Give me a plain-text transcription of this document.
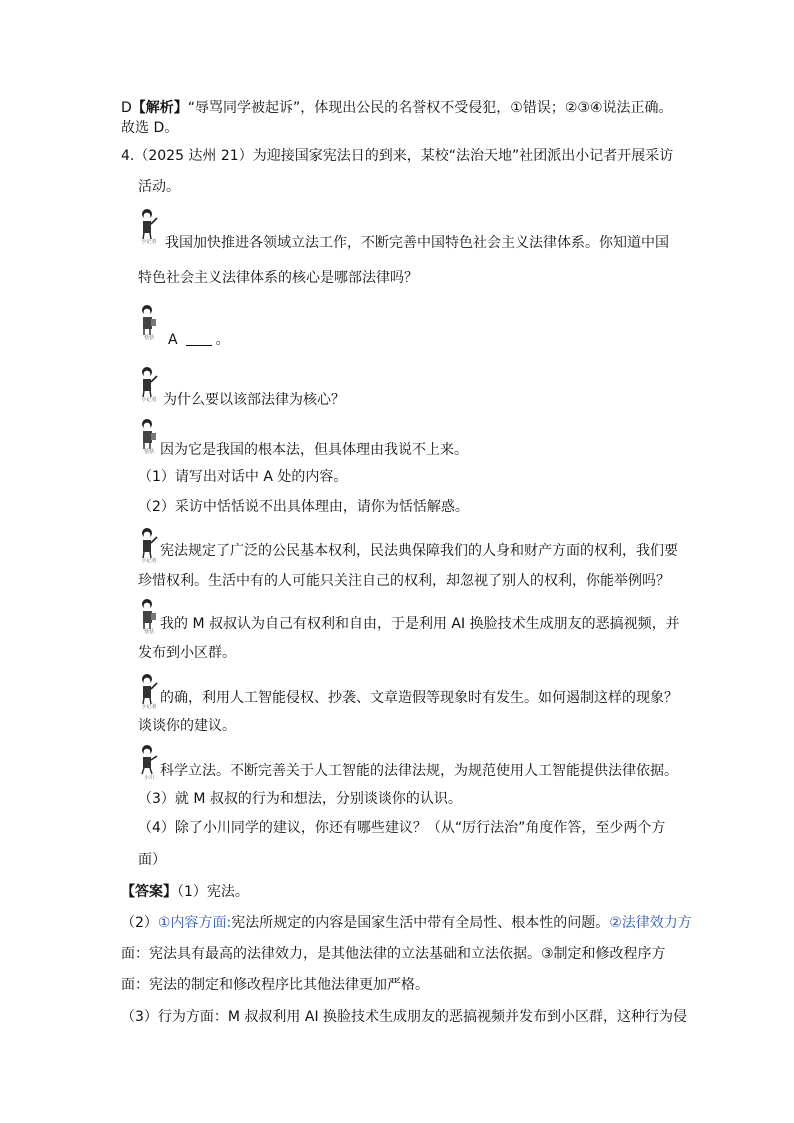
D【解析】“辱骂同学被起诉”，体现出公民的名誉权不受侵犯，①错误；②③④说法正确。
故选 D。
4.（2025 达州 21）为迎接国家宪法日的到来，某校“法治天地”社团派出小记者开展采访
活动。
小记者 我国加快推进各领域立法工作，不断完善中国特色社会主义法律体系。你知道中国
特色社会主义法律体系的核心是哪部法律吗？
恬恬	A	。
小记者 为什么要以该部法律为核心？
恬恬 因为它是我国的根本法，但具体理由我说不上来。
（1）请写出对话中 A 处的内容。
（2）采访中恬恬说不出具体理由，请你为恬恬解惑。
小记者
宪法规定了广泛的公民基本权利，民法典保障我们的人身和财产方面的权利，我们要
珍惜权利。生活中有的人可能只关注自己的权利，却忽视了别人的权利，你能举例吗？
恬恬 我的 M 叔叔认为自己有权利和自由，于是利用 AI 换脸技术生成朋友的恶搞视频，并
发布到小区群。
小记者
的确，利用人工智能侵权、抄袭、文章造假等现象时有发生。如何遏制这样的现象？
谈谈你的建议。
小川 科学立法。不断完善关于人工智能的法律法规，为规范使用人工智能提供法律依据。
（3）就 M 叔叔的行为和想法，分别谈谈你的认识。
（4）除了小川同学的建议，你还有哪些建议？（从“厉行法治”角度作答，至少两个方
面）
【答案】（1）宪法。
（2）①内容方面:宪法所规定的内容是国家生活中带有全局性、根本性的问题。②法律效力方
面：宪法具有最高的法律效力，是其他法律的立法基础和立法依据。③制定和修改程序方
面：宪法的制定和修改程序比其他法律更加严格。
（3）行为方面：M 叔叔利用 AI 换脸技术生成朋友的恶搞视频并发布到小区群，这种行为侵
